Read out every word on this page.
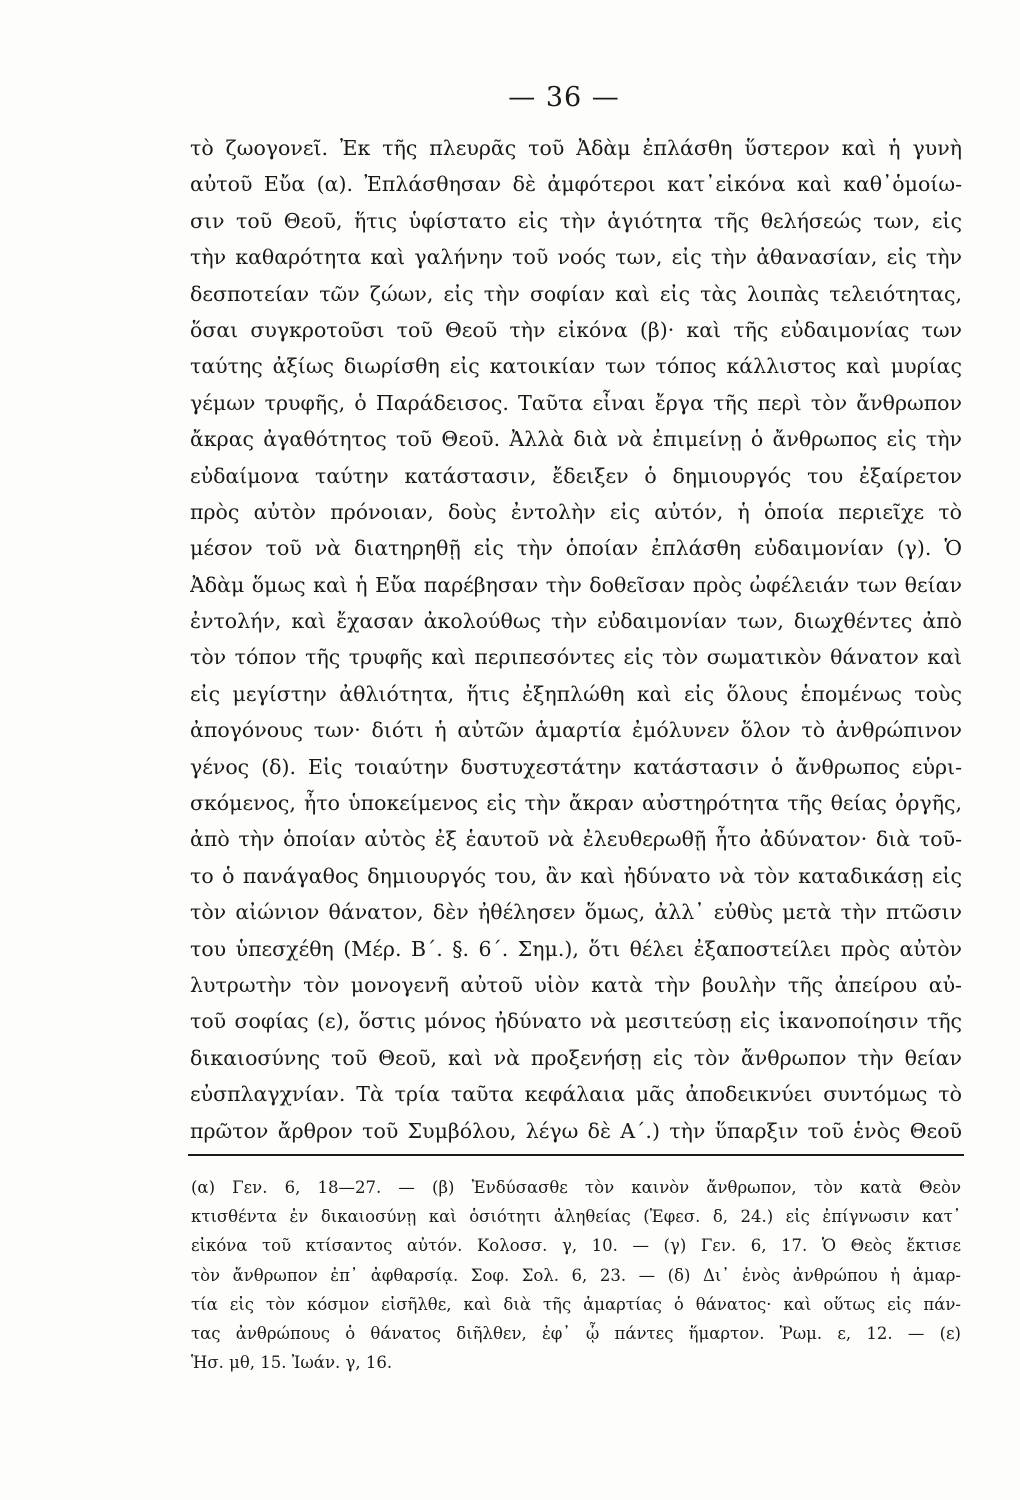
— 36 —
τὸ ζωογονεῖ. Ἐκ τῆς πλευρᾶς τοῦ Ἀδὰμ ἐπλάσθη ὕστερον καὶ ἡ γυνὴ
αὐτοῦ Εὔα (α). Ἐπλάσθησαν δὲ ἀμφότεροι κατ᾽εἰκόνα καὶ καθ᾽ὁμοίω-
σιν τοῦ Θεοῦ, ἥτις ὑφίστατο εἰς τὴν ἁγιότητα τῆς θελήσεώς των, εἰς
τὴν καθαρότητα καὶ γαλήνην τοῦ νοός των, εἰς τὴν ἀθανασίαν, εἰς τὴν
δεσποτείαν τῶν ζώων, εἰς τὴν σοφίαν καὶ εἰς τὰς λοιπὰς τελειότητας,
ὅσαι συγκροτοῦσι τοῦ Θεοῦ τὴν εἰκόνα (β)· καὶ τῆς εὐδαιμονίας των
ταύτης ἀξίως διωρίσθη εἰς κατοικίαν των τόπος κάλλιστος καὶ μυρίας
γέμων τρυφῆς, ὁ Παράδεισος. Ταῦτα εἶναι ἔργα τῆς περὶ τὸν ἄνθρωπον
ἄκρας ἀγαθότητος τοῦ Θεοῦ. Ἀλλὰ διὰ νὰ ἐπιμείνῃ ὁ ἄνθρωπος εἰς τὴν
εὐδαίμονα ταύτην κατάστασιν, ἔδειξεν ὁ δημιουργός του ἐξαίρετον
πρὸς αὐτὸν πρόνοιαν, δοὺς ἐντολὴν εἰς αὐτόν, ἡ ὁποία περιεῖχε τὸ
μέσον τοῦ νὰ διατηρηθῇ εἰς τὴν ὁποίαν ἐπλάσθη εὐδαιμονίαν (γ). Ὁ
Ἀδὰμ ὅμως καὶ ἡ Εὔα παρέβησαν τὴν δοθεῖσαν πρὸς ὠφέλειάν των θείαν
ἐντολήν, καὶ ἔχασαν ἀκολούθως τὴν εὐδαιμονίαν των, διωχθέντες ἀπὸ
τὸν τόπον τῆς τρυφῆς καὶ περιπεσόντες εἰς τὸν σωματικὸν θάνατον καὶ
εἰς μεγίστην ἀθλιότητα, ἥτις ἐξηπλώθη καὶ εἰς ὅλους ἑπομένως τοὺς
ἀπογόνους των· διότι ἡ αὐτῶν ἁμαρτία ἐμόλυνεν ὅλον τὸ ἀνθρώπινον
γένος (δ). Εἰς τοιαύτην δυστυχεστάτην κατάστασιν ὁ ἄνθρωπος εὑρι-
σκόμενος, ἦτο ὑποκείμενος εἰς τὴν ἄκραν αὐστηρότητα τῆς θείας ὀργῆς,
ἀπὸ τὴν ὁποίαν αὐτὸς ἐξ ἑαυτοῦ νὰ ἐλευθερωθῇ ἦτο ἀδύνατον· διὰ τοῦ-
το ὁ πανάγαθος δημιουργός του, ἂν καὶ ἠδύνατο νὰ τὸν καταδικάσῃ εἰς
τὸν αἰώνιον θάνατον, δὲν ἠθέλησεν ὅμως, ἀλλ᾽ εὐθὺς μετὰ τὴν πτῶσιν
του ὑπεσχέθη (Μέρ. Β΄. §. 6΄. Σημ.), ὅτι θέλει ἐξαποστείλει πρὸς αὐτὸν
λυτρωτὴν τὸν μονογενῆ αὐτοῦ υἱὸν κατὰ τὴν βουλὴν τῆς ἀπείρου αὐ-
τοῦ σοφίας (ε), ὅστις μόνος ἠδύνατο νὰ μεσιτεύσῃ εἰς ἱκανοποίησιν τῆς
δικαιοσύνης τοῦ Θεοῦ, καὶ νὰ προξενήσῃ εἰς τὸν ἄνθρωπον τὴν θείαν
εὐσπλαγχνίαν. Τὰ τρία ταῦτα κεφάλαια μᾶς ἀποδεικνύει συντόμως τὸ
πρῶτον ἄρθρον τοῦ Συμβόλου, λέγω δὲ Α΄.) τὴν ὕπαρξιν τοῦ ἑνὸς Θεοῦ
(α) Γεν. 6, 18—27. — (β) Ἐνδύσασθε τὸν καινὸν ἄνθρωπον, τὸν κατὰ Θεὸν
κτισθέντα ἐν δικαιοσύνῃ καὶ ὁσιότητι ἀληθείας (Ἐφεσ. δ, 24.) εἰς ἐπίγνωσιν κατ᾽
εἰκόνα τοῦ κτίσαντος αὐτόν. Κολοσσ. γ, 10. — (γ) Γεν. 6, 17. Ὁ Θεὸς ἔκτισε
τὸν ἄνθρωπον ἐπ᾽ ἀφθαρσίᾳ. Σοφ. Σολ. 6, 23. — (δ) Δι᾽ ἑνὸς ἀνθρώπου ἡ ἁμαρ-
τία εἰς τὸν κόσμον εἰσῆλθε, καὶ διὰ τῆς ἁμαρτίας ὁ θάνατος· καὶ οὕτως εἰς πάν-
τας ἀνθρώπους ὁ θάνατος διῆλθεν, ἐφ᾽ ᾧ πάντες ἥμαρτον. Ῥωμ. ε, 12. — (ε)
Ἡσ. μθ, 15. Ἰωάν. γ, 16.
